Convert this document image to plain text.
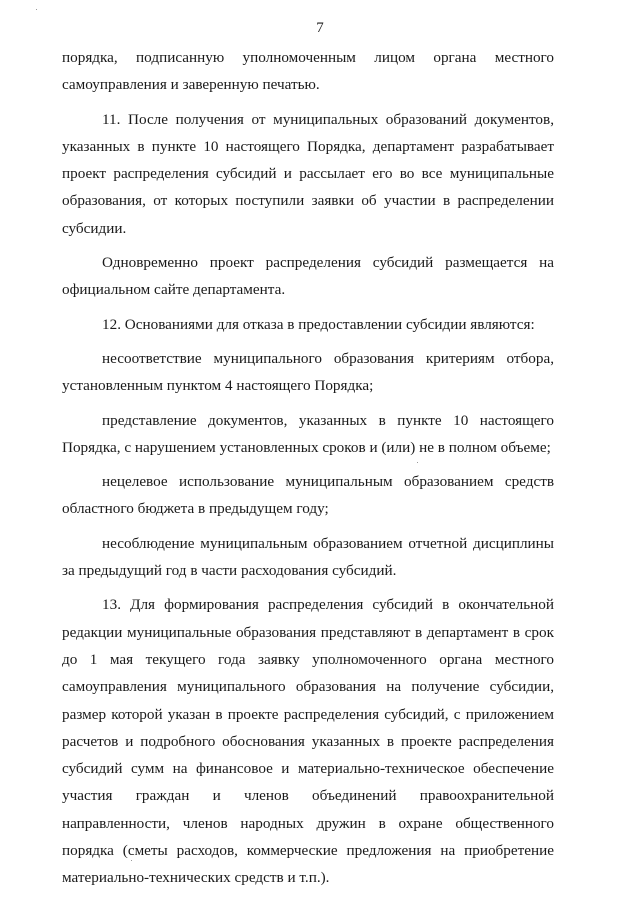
7
порядка, подписанную уполномоченным лицом органа местного
самоуправления и заверенную печатью.
11. После получения от муниципальных образований документов,
указанных в пункте 10 настоящего Порядка, департамент разрабатывает
проект распределения субсидий и рассылает его во все муниципальные
образования, от которых поступили заявки об участии в распределении
субсидии.
Одновременно проект распределения субсидий размещается на
официальном сайте департамента.
12. Основаниями для отказа в предоставлении субсидии являются:
несоответствие муниципального образования критериям отбора,
установленным пунктом 4 настоящего Порядка;
представление документов, указанных в пункте 10 настоящего
Порядка, с нарушением установленных сроков и (или) не в полном объеме;
нецелевое использование муниципальным образованием средств
областного бюджета в предыдущем году;
несоблюдение муниципальным образованием отчетной дисциплины
за предыдущий год в части расходования субсидий.
13. Для формирования распределения субсидий в окончательной
редакции муниципальные образования представляют в департамент в срок
до 1 мая текущего года заявку уполномоченного органа местного
самоуправления муниципального образования на получение субсидии,
размер которой указан в проекте распределения субсидий, с приложением
расчетов и подробного обоснования указанных в проекте распределения
субсидий сумм на финансовое и материально-техническое обеспечение
участия граждан и членов объединений правоохранительной
направленности, членов народных дружин в охране общественного
порядка (сметы расходов, коммерческие предложения на приобретение
материально-технических средств и т.п.).
